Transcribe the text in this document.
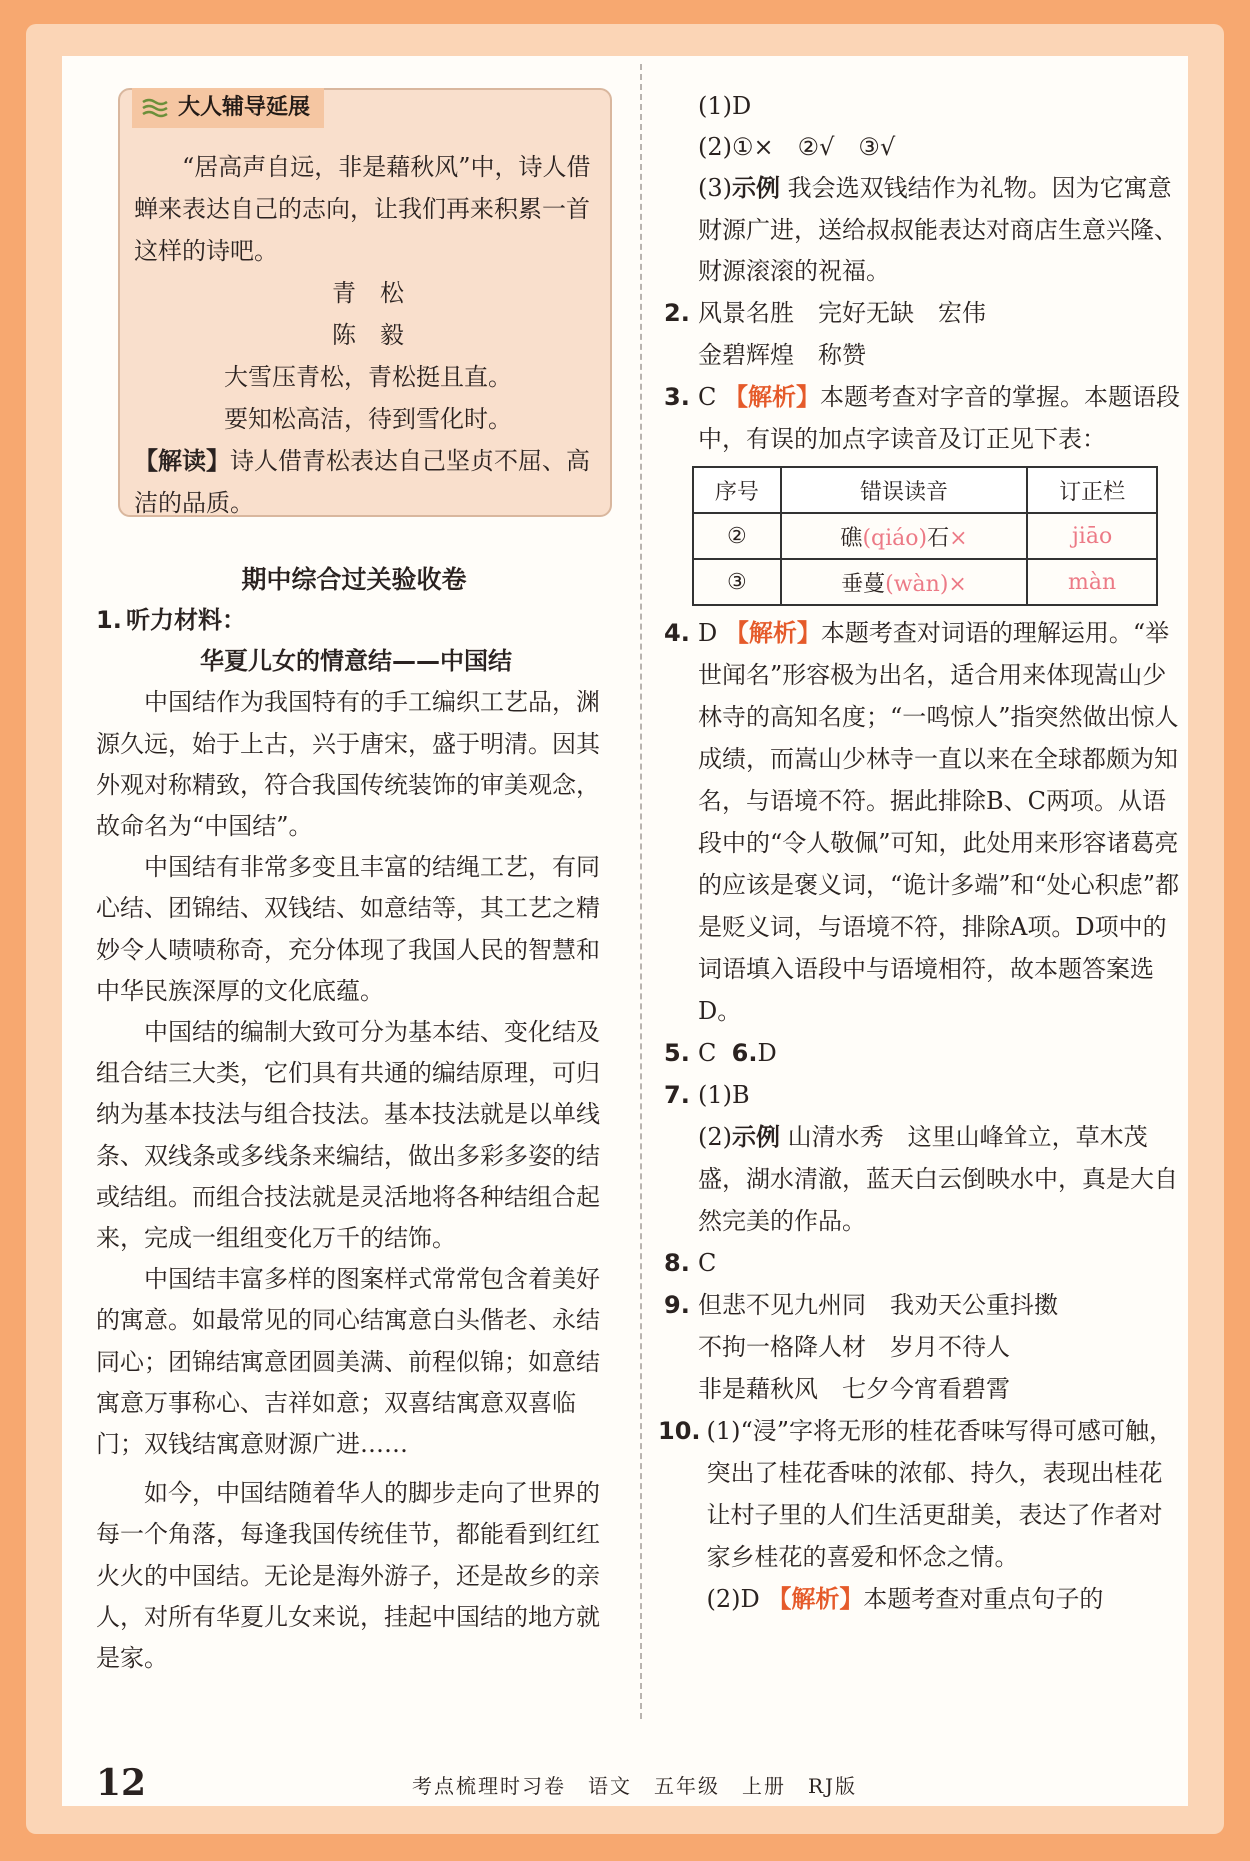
大人辅导延展

“居高声自远，非是藉秋风”中，诗人借蝉来表达自己的志向，让我们再来积累一首这样的诗吧。

青　松

陈　毅

大雪压青松，青松挺且直。

要知松高洁，待到雪化时。

【解读】诗人借青松表达自己坚贞不屈、高洁的品质。

期中综合过关验收卷
1. 听力材料：
华夏儿女的情意结——中国结

中国结作为我国特有的手工编织工艺品，渊源久远，始于上古，兴于唐宋，盛于明清。因其外观对称精致，符合我国传统装饰的审美观念，故命名为“中国结”。

中国结有非常多变且丰富的结绳工艺，有同心结、团锦结、双钱结、如意结等，其工艺之精妙令人啧啧称奇，充分体现了我国人民的智慧和中华民族深厚的文化底蕴。

中国结的编制大致可分为基本结、变化结及组合结三大类，它们具有共通的编结原理，可归纳为基本技法与组合技法。基本技法就是以单线条、双线条或多线条来编结，做出多彩多姿的结或结组。而组合技法就是灵活地将各种结组合起来，完成一组组变化万千的结饰。

中国结丰富多样的图案样式常常包含着美好的寓意。如最常见的同心结寓意白头偕老、永结同心；团锦结寓意团圆美满、前程似锦；如意结寓意万事称心、吉祥如意；双喜结寓意双喜临门；双钱结寓意财源广进……

如今，中国结随着华人的脚步走向了世界的每一个角落，每逢我国传统佳节，都能看到红红火火的中国结。无论是海外游子，还是故乡的亲人，对所有华夏儿女来说，挂起中国结的地方就是家。

(1)D
(2)①×　②√　③√
(3)示例 我会选双钱结作为礼物。因为它寓意财源广进，送给叔叔能表达对商店生意兴隆、财源滚滚的祝福。
2. 风景名胜　完好无缺　宏伟
金碧辉煌　称赞
3. C 【解析】本题考查对字音的掌握。本题语段中，有误的加点字读音及订正见下表：
序号	错误读音	订正栏
②	礁(qiáo)石×	jiāo
③	垂蔓(wàn)×	màn
4. D 【解析】本题考查对词语的理解运用。“举世闻名”形容极为出名，适合用来体现嵩山少林寺的高知名度；“一鸣惊人”指突然做出惊人成绩，而嵩山少林寺一直以来在全球都颇为知名，与语境不符。据此排除B、C两项。从语段中的“令人敬佩”可知，此处用来形容诸葛亮的应该是褒义词，“诡计多端”和“处心积虑”都是贬义词，与语境不符，排除A项。D项中的词语填入语段中与语境相符，故本题答案选D。
5. C 6.D
7. (1)B
(2)示例 山清水秀　这里山峰耸立，草木茂盛，湖水清澈，蓝天白云倒映水中，真是大自然完美的作品。
8. C
9. 但悲不见九州同　我劝天公重抖擞
不拘一格降人材　岁月不待人
非是藉秋风　七夕今宵看碧霄
10. (1)“浸”字将无形的桂花香味写得可感可触，突出了桂花香味的浓郁、持久，表现出桂花让村子里的人们生活更甜美，表达了作者对家乡桂花的喜爱和怀念之情。
(2)D 【解析】本题考查对重点句子的
12	考点梳理时习卷　语文　五年级　上册　RJ版
